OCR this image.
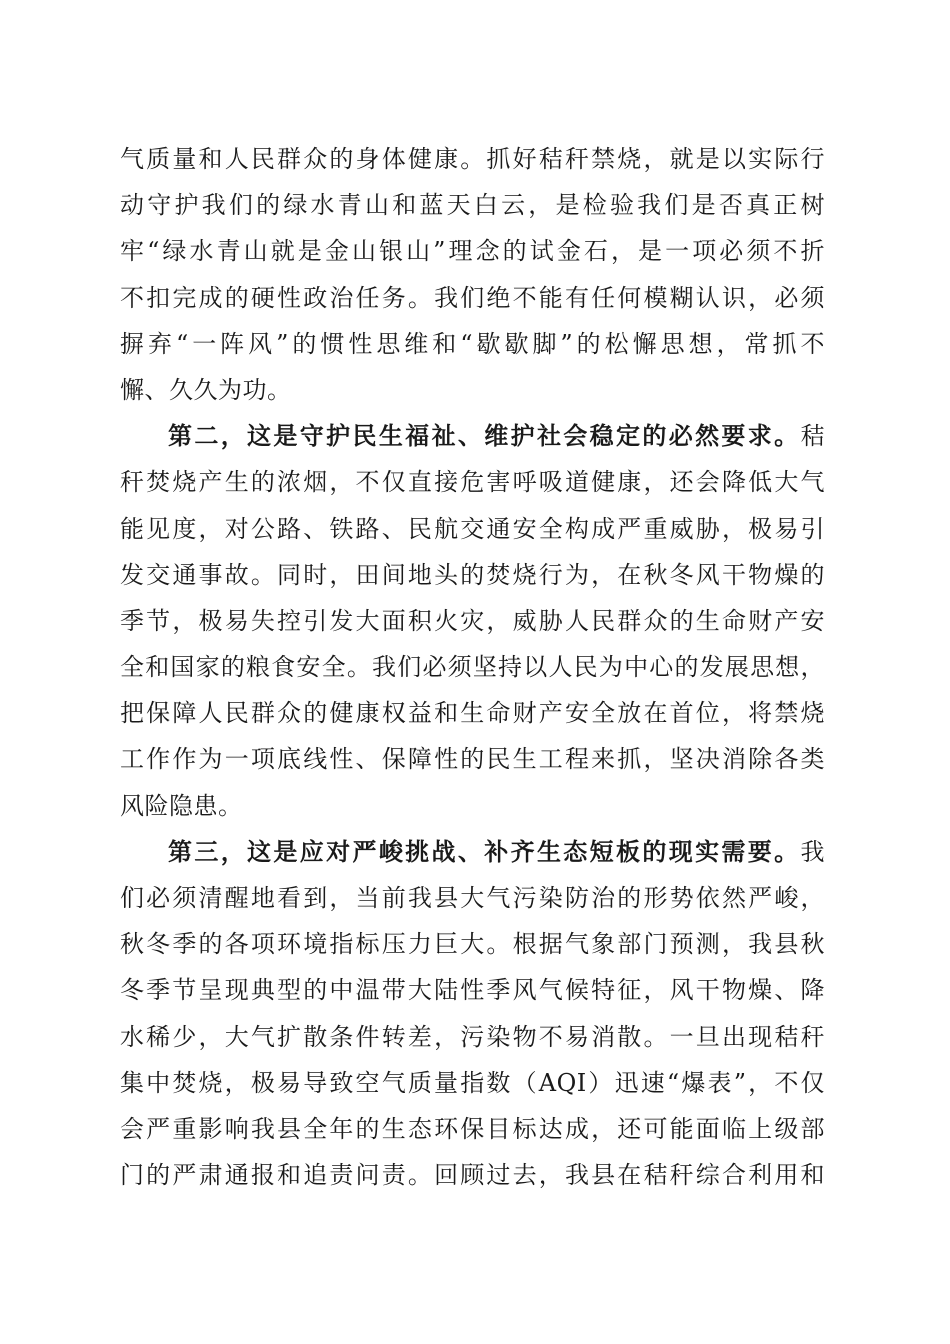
气质量和人民群众的身体健康。抓好秸秆禁烧，就是以实际行
动守护我们的绿水青山和蓝天白云，是检验我们是否真正树
牢“绿水青山就是金山银山”理念的试金石，是一项必须不折
不扣完成的硬性政治任务。我们绝不能有任何模糊认识，必须
摒弃“一阵风”的惯性思维和“歇歇脚”的松懈思想，常抓不
懈、久久为功。
第二，这是守护民生福祉、维护社会稳定的必然要求。秸
秆焚烧产生的浓烟，不仅直接危害呼吸道健康，还会降低大气
能见度，对公路、铁路、民航交通安全构成严重威胁，极易引
发交通事故。同时，田间地头的焚烧行为，在秋冬风干物燥的
季节，极易失控引发大面积火灾，威胁人民群众的生命财产安
全和国家的粮食安全。我们必须坚持以人民为中心的发展思想，
把保障人民群众的健康权益和生命财产安全放在首位，将禁烧
工作作为一项底线性、保障性的民生工程来抓，坚决消除各类
风险隐患。
第三，这是应对严峻挑战、补齐生态短板的现实需要。我
们必须清醒地看到，当前我县大气污染防治的形势依然严峻，
秋冬季的各项环境指标压力巨大。根据气象部门预测，我县秋
冬季节呈现典型的中温带大陆性季风气候特征，风干物燥、降
水稀少，大气扩散条件转差，污染物不易消散。一旦出现秸秆
集中焚烧，极易导致空气质量指数（AQI）迅速“爆表”，不仅
会严重影响我县全年的生态环保目标达成，还可能面临上级部
门的严肃通报和追责问责。回顾过去，我县在秸秆综合利用和
